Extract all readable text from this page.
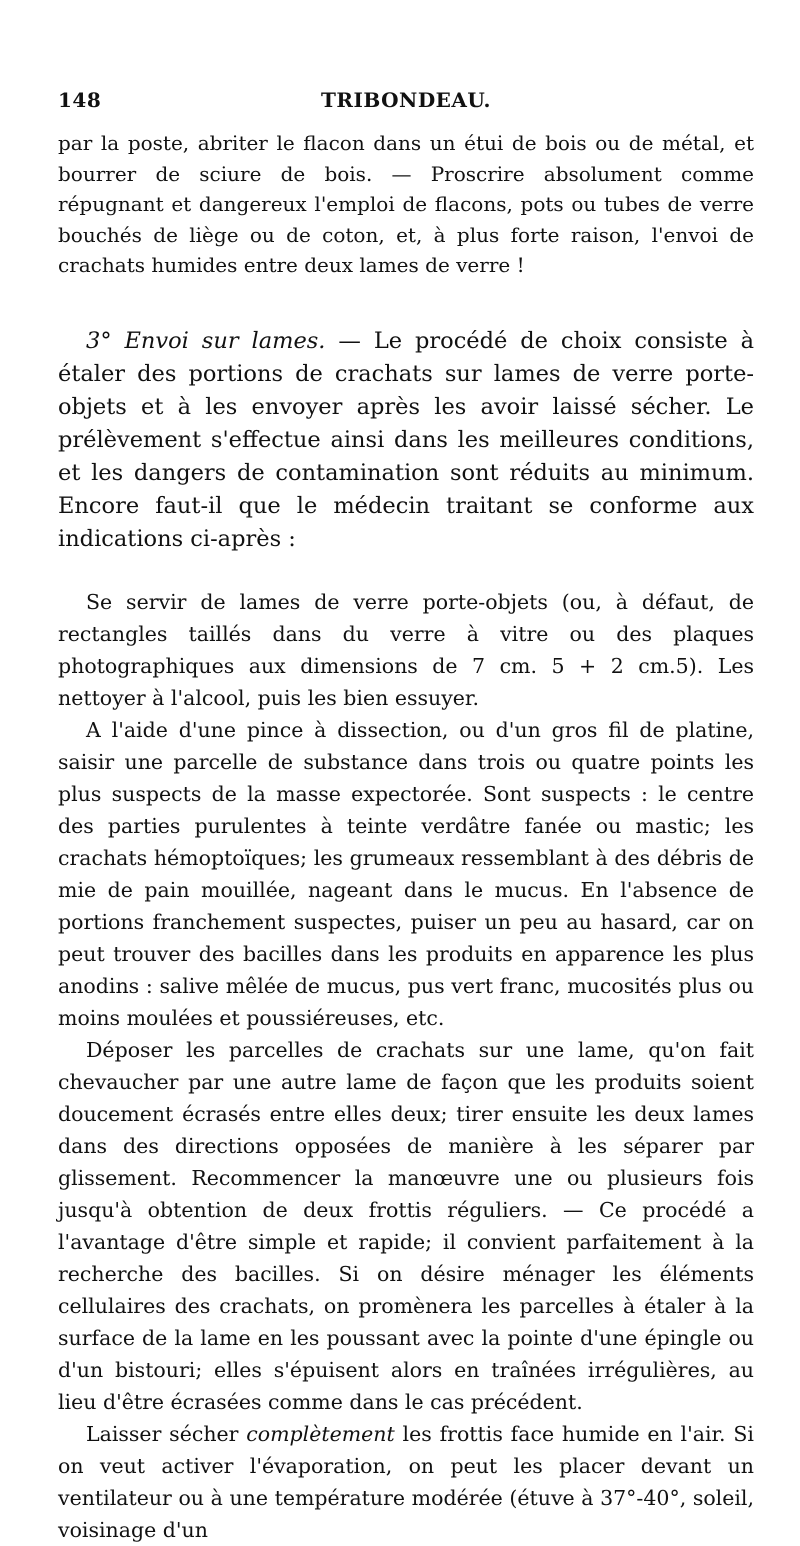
148	TRIBONDEAU.

par la poste, abriter le flacon dans un étui de bois ou de métal, et bourrer de sciure de bois. — Proscrire absolument comme répugnant et dangereux l'emploi de flacons, pots ou tubes de verre bouchés de liège ou de coton, et, à plus forte raison, l'envoi de crachats humides entre deux lames de verre !

3° Envoi sur lames. — Le procédé de choix consiste à étaler des portions de crachats sur lames de verre porte-objets et à les envoyer après les avoir laissé sécher. Le prélèvement s'effectue ainsi dans les meilleures conditions, et les dangers de contamination sont réduits au minimum. Encore faut-il que le médecin traitant se conforme aux indications ci-après :

Se servir de lames de verre porte-objets (ou, à défaut, de rectangles taillés dans du verre à vitre ou des plaques photographiques aux dimensions de 7 cm. 5 + 2 cm.5). Les nettoyer à l'alcool, puis les bien essuyer.

A l'aide d'une pince à dissection, ou d'un gros fil de platine, saisir une parcelle de substance dans trois ou quatre points les plus suspects de la masse expectorée. Sont suspects : le centre des parties purulentes à teinte verdâtre fanée ou mastic; les crachats hémoptoïques; les grumeaux ressemblant à des débris de mie de pain mouillée, nageant dans le mucus. En l'absence de portions franchement suspectes, puiser un peu au hasard, car on peut trouver des bacilles dans les produits en apparence les plus anodins : salive mêlée de mucus, pus vert franc, mucosités plus ou moins moulées et poussiéreuses, etc.

Déposer les parcelles de crachats sur une lame, qu'on fait chevaucher par une autre lame de façon que les produits soient doucement écrasés entre elles deux; tirer ensuite les deux lames dans des directions opposées de manière à les séparer par glissement. Recommencer la manœuvre une ou plusieurs fois jusqu'à obtention de deux frottis réguliers. — Ce procédé a l'avantage d'être simple et rapide; il convient parfaitement à la recherche des bacilles. Si on désire ménager les éléments cellulaires des crachats, on promènera les parcelles à étaler à la surface de la lame en les poussant avec la pointe d'une épingle ou d'un bistouri; elles s'épuisent alors en traînées irrégulières, au lieu d'être écrasées comme dans le cas précédent.

Laisser sécher complètement les frottis face humide en l'air. Si on veut activer l'évaporation, on peut les placer devant un ventilateur ou à une température modérée (étuve à 37°-40°, soleil, voisinage d'un
